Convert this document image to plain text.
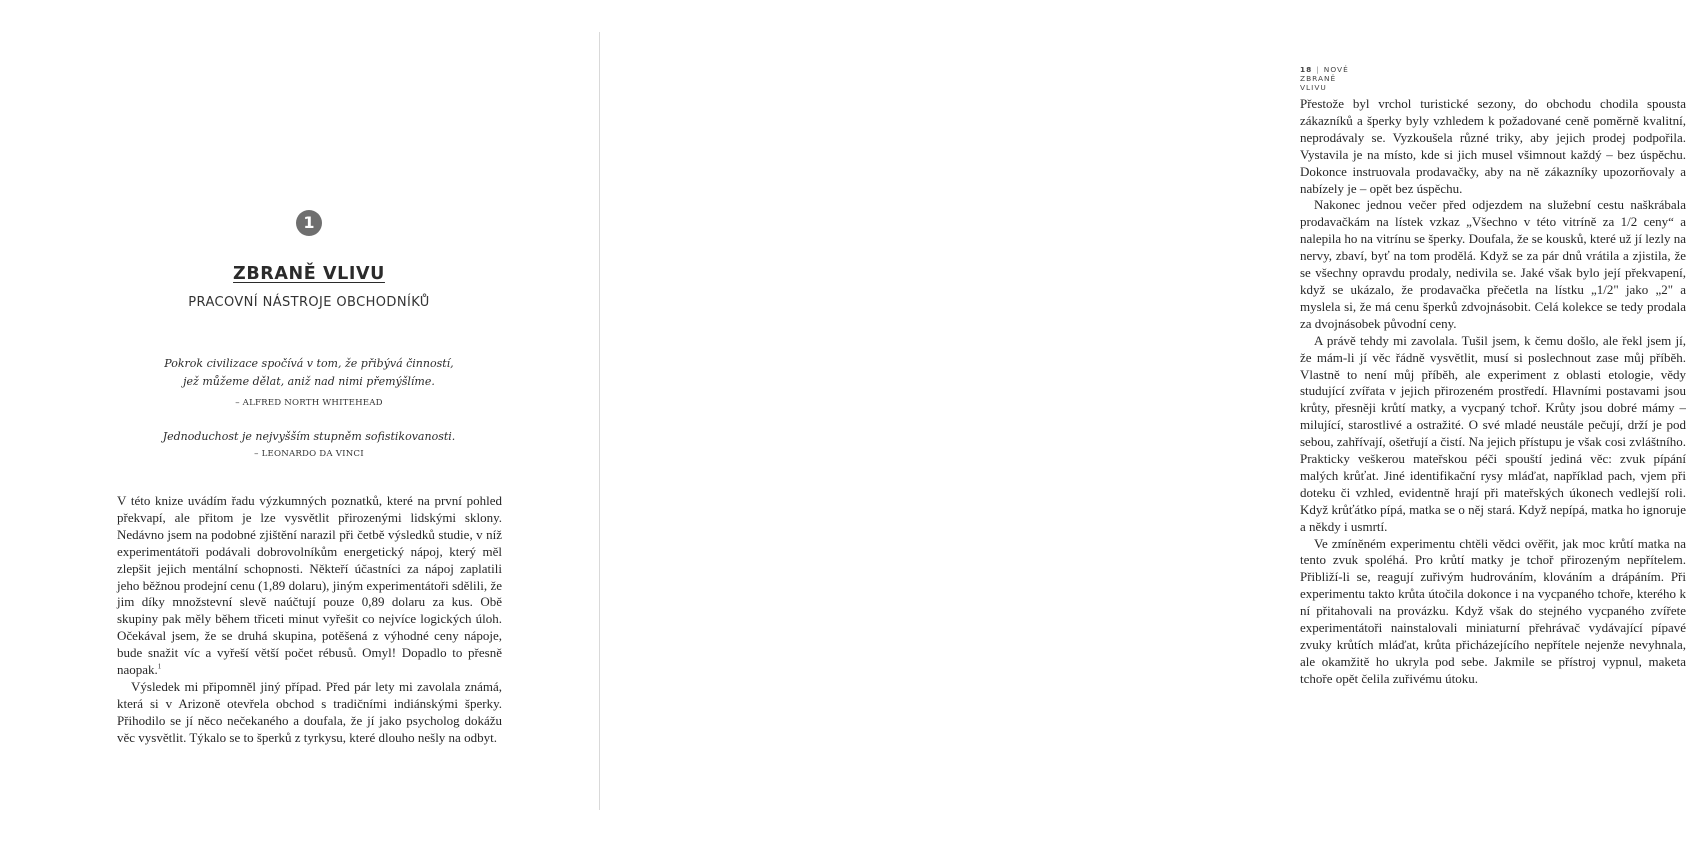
1
ZBRANĚ VLIVU
PRACOVNÍ NÁSTROJE OBCHODNÍKŮ
Pokrok civilizace spočívá v tom, že přibývá činností,
jež můžeme dělat, aniž nad nimi přemýšlíme.
– ALFRED NORTH WHITEHEAD
Jednoduchost je nejvyšším stupněm sofistikovanosti.
– LEONARDO DA VINCI

V této knize uvádím řadu výzkumných poznatků, které na první pohled překvapí, ale přitom je lze vysvětlit přirozenými lidskými sklony. Nedávno jsem na podobné zjištění narazil při četbě výsledků studie, v níž experimentátoři podávali dobrovolníkům energetický nápoj, který měl zlepšit jejich mentální schopnosti. Někteří účastníci za nápoj zaplatili jeho běžnou prodejní cenu (1,89 dolaru), jiným experimentátoři sdělili, že jim díky množstevní slevě naúčtují pouze 0,89 dolaru za kus. Obě skupiny pak měly během třiceti minut vyřešit co nejvíce logických úloh. Očekával jsem, že se druhá skupina, potěšená z výhodné ceny nápoje, bude snažit víc a vyřeší větší počet rébusů. Omyl! Dopadlo to přesně naopak.$^1$

Výsledek mi připomněl jiný případ. Před pár lety mi zavolala známá, která si v Arizoně otevřela obchod s tradičními indiánskými šperky. Přihodilo se jí něco nečekaného a doufala, že jí jako psycholog dokážu věc vysvětlit. Týkalo se to šperků z tyrkysu, které dlouho nešly na odbyt.

18 | NOVÉ ZBRANĚ VLIVU

Přestože byl vrchol turistické sezony, do obchodu chodila spousta zákazníků a šperky byly vzhledem k požadované ceně poměrně kvalitní, neprodávaly se. Vyzkoušela různé triky, aby jejich prodej podpořila. Vystavila je na místo, kde si jich musel všimnout každý – bez úspěchu. Dokonce instruovala prodavačky, aby na ně zákazníky upozorňovaly a nabízely je – opět bez úspěchu.

Nakonec jednou večer před odjezdem na služební cestu naškrábala prodavačkám na lístek vzkaz „Všechno v této vitríně za 1/2 ceny“ a nalepila ho na vitrínu se šperky. Doufala, že se kousků, které už jí lezly na nervy, zbaví, byť na tom prodělá. Když se za pár dnů vrátila a zjistila, že se všechny opravdu prodaly, nedivila se. Jaké však bylo její překvapení, když se ukázalo, že prodavačka přečetla na lístku „1/2" jako „2" a myslela si, že má cenu šperků zdvojnásobit. Celá kolekce se tedy prodala za dvojnásobek původní ceny.

A právě tehdy mi zavolala. Tušil jsem, k čemu došlo, ale řekl jsem jí, že mám-li jí věc řádně vysvětlit, musí si poslechnout zase můj příběh. Vlastně to není můj příběh, ale experiment z oblasti etologie, vědy studující zvířata v jejich přirozeném prostředí. Hlavními postavami jsou krůty, přesněji krůtí matky, a vycpaný tchoř. Krůty jsou dobré mámy – milující, starostlivé a ostražité. O své mladé neustále pečují, drží je pod sebou, zahřívají, ošetřují a čistí. Na jejich přístupu je však cosi zvláštního. Prakticky veškerou mateřskou péči spouští jediná věc: zvuk pípání malých krůťat. Jiné identifikační rysy mláďat, například pach, vjem při doteku či vzhled, evidentně hrají při mateřských úkonech vedlejší roli. Když krůťátko pípá, matka se o něj stará. Když nepípá, matka ho ignoruje a někdy i usmrtí.

Ve zmíněném experimentu chtěli vědci ověřit, jak moc krůtí matka na tento zvuk spoléhá. Pro krůtí matky je tchoř přirozeným nepřítelem. Přibliží-li se, reagují zuřivým hudrováním, klováním a drápáním. Při experimentu takto krůta útočila dokonce i na vycpaného tchoře, kterého k ní přitahovali na provázku. Když však do stejného vycpaného zvířete experimentátoři nainstalovali miniaturní přehrávač vydávající pípavé zvuky krůtích mláďat, krůta přicházejícího nepřítele nejenže nevyhnala, ale okamžitě ho ukryla pod sebe. Jakmile se přístroj vypnul, maketa tchoře opět čelila zuřivému útoku.
